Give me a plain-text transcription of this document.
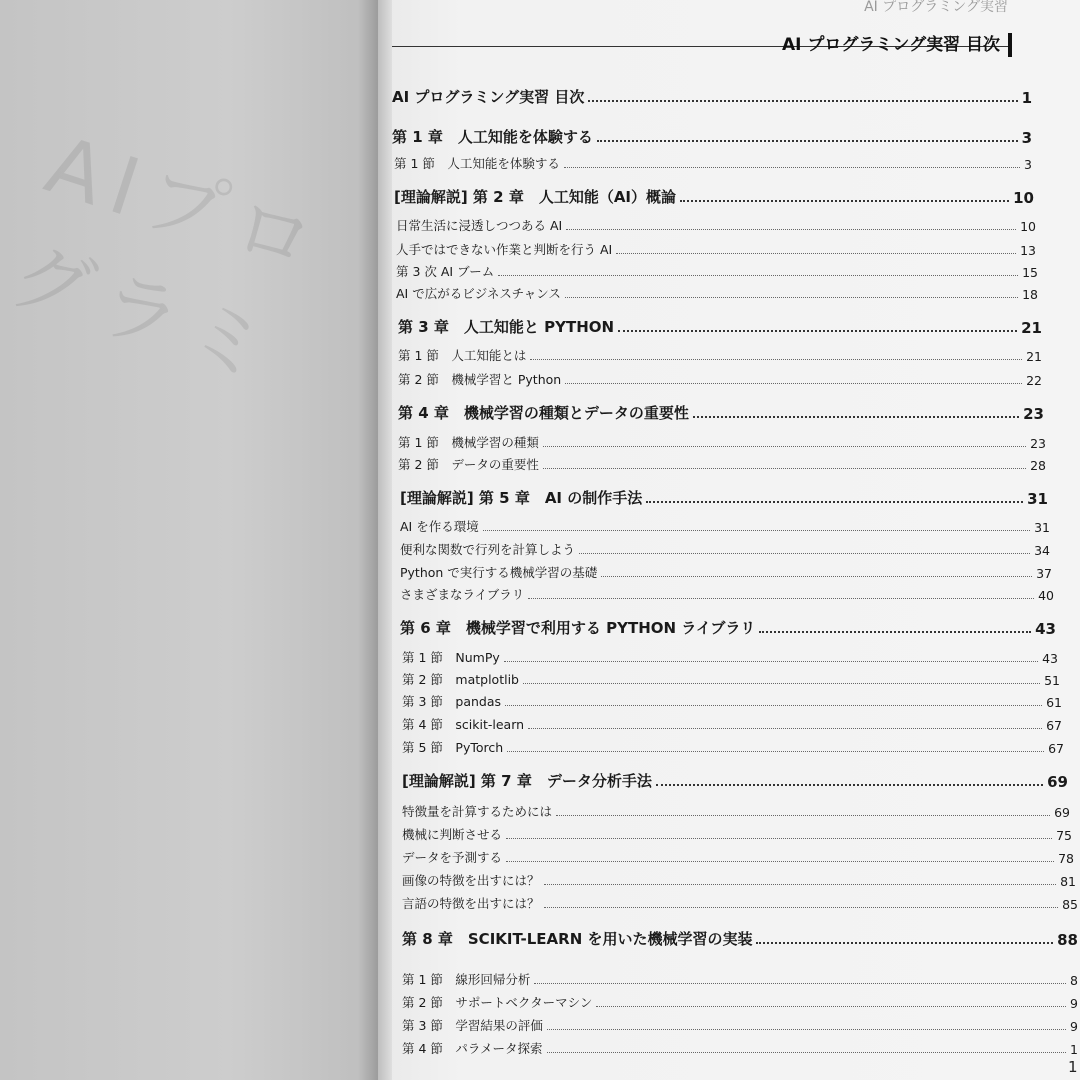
AIプログラミ
AI プログラミング実習
AI プログラミング実習 目次
AI プログラミング実習 目次	1
第 1 章　人工知能を体験する	3
第 1 節　人工知能を体験する	3
[理論解説] 第 2 章　人工知能（AI）概論	10
日常生活に浸透しつつある AI	10
人手ではできない作業と判断を行う AI	13
第 3 次 AI ブーム	15
AI で広がるビジネスチャンス	18
第 3 章　人工知能と PYTHON	21
第 1 節　人工知能とは	21
第 2 節　機械学習と Python	22
第 4 章　機械学習の種類とデータの重要性	23
第 1 節　機械学習の種類	23
第 2 節　データの重要性	28
[理論解説] 第 5 章　AI の制作手法	31
AI を作る環境	31
便利な関数で行列を計算しよう	34
Python で実行する機械学習の基礎	37
さまざまなライブラリ	40
第 6 章　機械学習で利用する PYTHON ライブラリ	43
第 1 節　NumPy	43
第 2 節　matplotlib	51
第 3 節　pandas	61
第 4 節　scikit-learn	67
第 5 節　PyTorch	67
[理論解説] 第 7 章　データ分析手法	69
特徴量を計算するためには	69
機械に判断させる	75
データを予測する	78
画像の特徴を出すには？	81
言語の特徴を出すには？	85
第 8 章　SCIKIT-LEARN を用いた機械学習の実装	88
第 1 節　線形回帰分析	8
第 2 節　サポートベクターマシン	9
第 3 節　学習結果の評価	9
第 4 節　パラメータ探索	1
1
